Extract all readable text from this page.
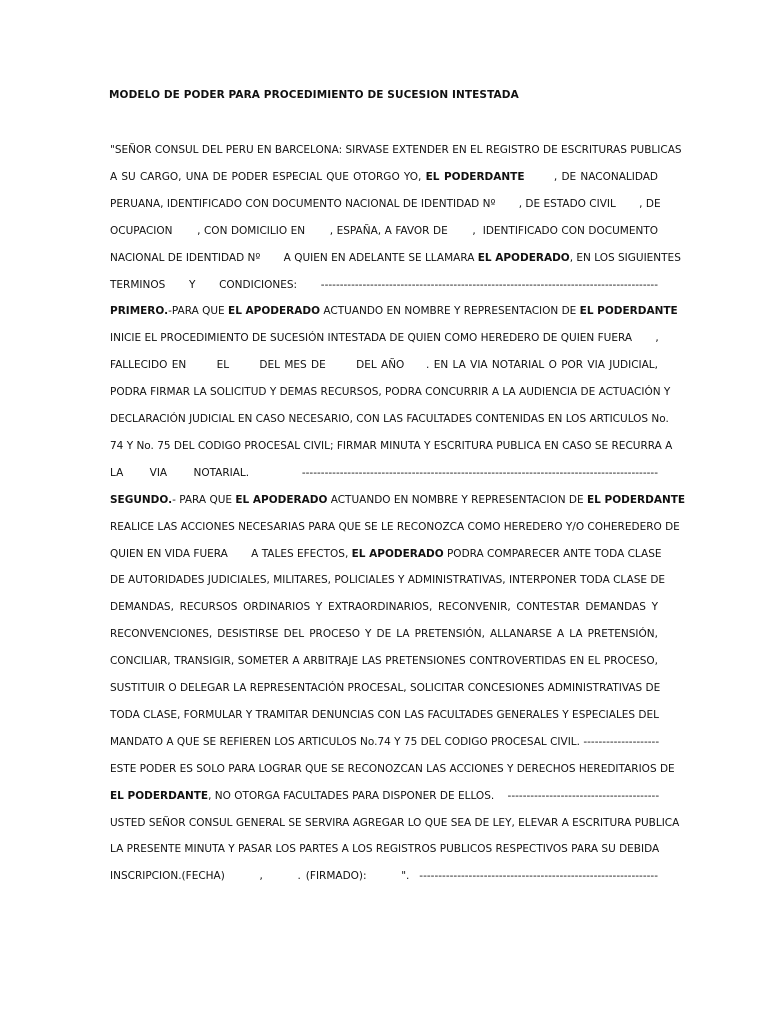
MODELO DE PODER PARA PROCEDIMIENTO DE SUCESION INTESTADA
"SEÑOR CONSUL DEL PERU EN BARCELONA: SIRVASE EXTENDER EN EL REGISTRO DE ESCRITURAS PUBLICAS
A SU CARGO, UNA DE PODER ESPECIAL QUE OTORGO YO, EL PODERDANTE       , DE NACONALIDAD
PERUANA, IDENTIFICADO CON DOCUMENTO NACIONAL DE IDENTIDAD Nº       , DE ESTADO CIVIL       , DE
OCUPACION       , CON DOMICILIO EN       , ESPAÑA, A FAVOR DE       ,  IDENTIFICADO CON DOCUMENTO
NACIONAL DE IDENTIDAD Nº       A QUIEN EN ADELANTE SE LLAMARA EL APODERADO, EN LOS SIGUIENTES
TERMINOS Y CONDICIONES: -----------------------------------------------------------------------------------------
PRIMERO.-PARA QUE EL APODERADO ACTUANDO EN NOMBRE Y REPRESENTACION DE EL PODERDANTE
INICIE EL PROCEDIMIENTO DE SUCESIÓN INTESTADA DE QUIEN COMO HEREDERO DE QUIEN FUERA       ,
FALLECIDO EN       EL       DEL MES DE       DEL AÑO     . EN LA VIA NOTARIAL O POR VIA JUDICIAL,
PODRA FIRMAR LA SOLICITUD Y DEMAS RECURSOS, PODRA CONCURRIR A LA AUDIENCIA DE ACTUACIÓN Y
DECLARACIÓN JUDICIAL EN CASO NECESARIO, CON LAS FACULTADES CONTENIDAS EN LOS ARTICULOS No.
74 Y No. 75 DEL CODIGO PROCESAL CIVIL; FIRMAR MINUTA Y ESCRITURA PUBLICA EN CASO SE RECURRA A
LA VIA NOTARIAL.  ----------------------------------------------------------------------------------------------
SEGUNDO.- PARA QUE EL APODERADO ACTUANDO EN NOMBRE Y REPRESENTACION DE EL PODERDANTE
REALICE LAS ACCIONES NECESARIAS PARA QUE SE LE RECONOZCA COMO HEREDERO Y/O COHEREDERO DE
QUIEN EN VIDA FUERA       A TALES EFECTOS, EL APODERADO PODRA COMPARECER ANTE TODA CLASE
DE AUTORIDADES JUDICIALES, MILITARES, POLICIALES Y ADMINISTRATIVAS, INTERPONER TODA CLASE DE
DEMANDAS, RECURSOS ORDINARIOS Y EXTRAORDINARIOS, RECONVENIR, CONTESTAR DEMANDAS Y
RECONVENCIONES, DESISTIRSE DEL PROCESO Y DE LA PRETENSIÓN, ALLANARSE A LA PRETENSIÓN,
CONCILIAR, TRANSIGIR, SOMETER A ARBITRAJE LAS PRETENSIONES CONTROVERTIDAS EN EL PROCESO,
SUSTITUIR O DELEGAR LA REPRESENTACIÓN PROCESAL, SOLICITAR CONCESIONES ADMINISTRATIVAS DE
TODA CLASE, FORMULAR Y TRAMITAR DENUNCIAS CON LAS FACULTADES GENERALES Y ESPECIALES DEL
MANDATO A QUE SE REFIEREN LOS ARTICULOS No.74 Y 75 DEL CODIGO PROCESAL CIVIL. --------------------
ESTE PODER ES SOLO PARA LOGRAR QUE SE RECONOZCAN LAS ACCIONES Y DERECHOS HEREDITARIOS DE
EL PODERDANTE, NO OTORGA FACULTADES PARA DISPONER DE ELLOS.    ----------------------------------------
USTED SEÑOR CONSUL GENERAL SE SERVIRA AGREGAR LO QUE SEA DE LEY, ELEVAR A ESCRITURA PUBLICA
LA PRESENTE MINUTA Y PASAR LOS PARTES A LOS REGISTROS PUBLICOS RESPECTIVOS PARA SU DEBIDA
INSCRIPCION.(FECHA)       ,       . (FIRMADO):       ".  ---------------------------------------------------------------
